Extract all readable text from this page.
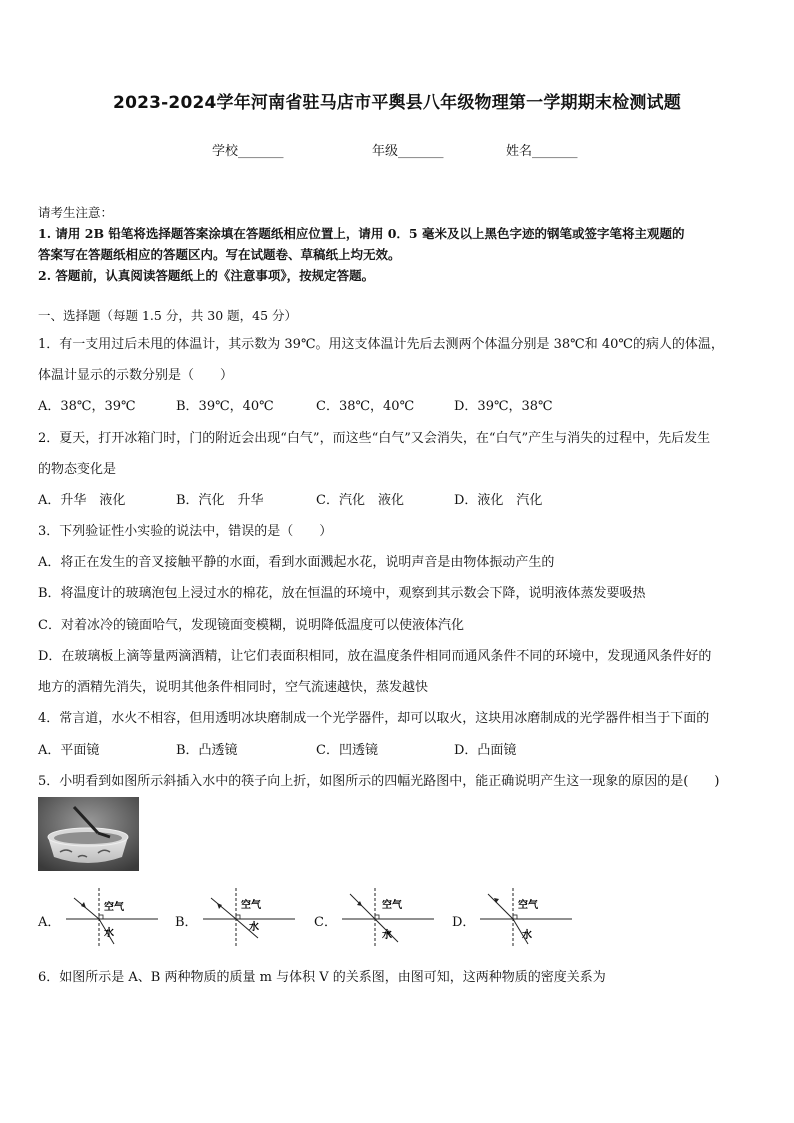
2023-2024学年河南省驻马店市平舆县八年级物理第一学期期末检测试题
学校_______	年级_______	姓名_______
请考生注意：
1. 请用 2B 铅笔将选择题答案涂填在答题纸相应位置上，请用 0．5 毫米及以上黑色字迹的钢笔或签字笔将主观题的
答案写在答题纸相应的答题区内。写在试题卷、草稿纸上均无效。
2. 答题前，认真阅读答题纸上的《注意事项》，按规定答题。
一、选择题（每题 1.5 分，共 30 题，45 分）
1．有一支用过后未甩的体温计，其示数为 39℃。用这支体温计先后去测两个体温分别是 38℃和 40℃的病人的体温，
体温计显示的示数分别是（　　）
A．38℃，39℃	B．39℃，40℃	C．38℃，40℃	D．39℃，38℃
2．夏天，打开冰箱门时，门的附近会出现“白气”，而这些“白气”又会消失，在“白气”产生与消失的过程中，先后发生
的物态变化是
A．升华　液化	B．汽化　升华	C．汽化　液化	D．液化　汽化
3．下列验证性小实验的说法中，错误的是（　　）
A．将正在发生的音叉接触平静的水面，看到水面溅起水花，说明声音是由物体振动产生的
B．将温度计的玻璃泡包上浸过水的棉花，放在恒温的环境中，观察到其示数会下降，说明液体蒸发要吸热
C．对着冰冷的镜面哈气，发现镜面变模糊，说明降低温度可以使液体汽化
D．在玻璃板上滴等量两滴酒精，让它们表面积相同，放在温度条件相同而通风条件不同的环境中，发现通风条件好的
地方的酒精先消失，说明其他条件相同时，空气流速越快，蒸发越快
4．常言道，水火不相容，但用透明冰块磨制成一个光学器件，却可以取火，这块用冰磨制成的光学器件相当于下面的
A．平面镜	B．凸透镜	C．凹透镜	D．凸面镜
5．小明看到如图所示斜插入水中的筷子向上折，如图所示的四幅光路图中，能正确说明产生这一现象的原因的是(　　)
A．
空气
水
B．
空气
水	C．
空气
水
D．
空气
水
6．如图所示是 A、B 两种物质的质量 m 与体积 V 的关系图，由图可知，这两种物质的密度关系为
